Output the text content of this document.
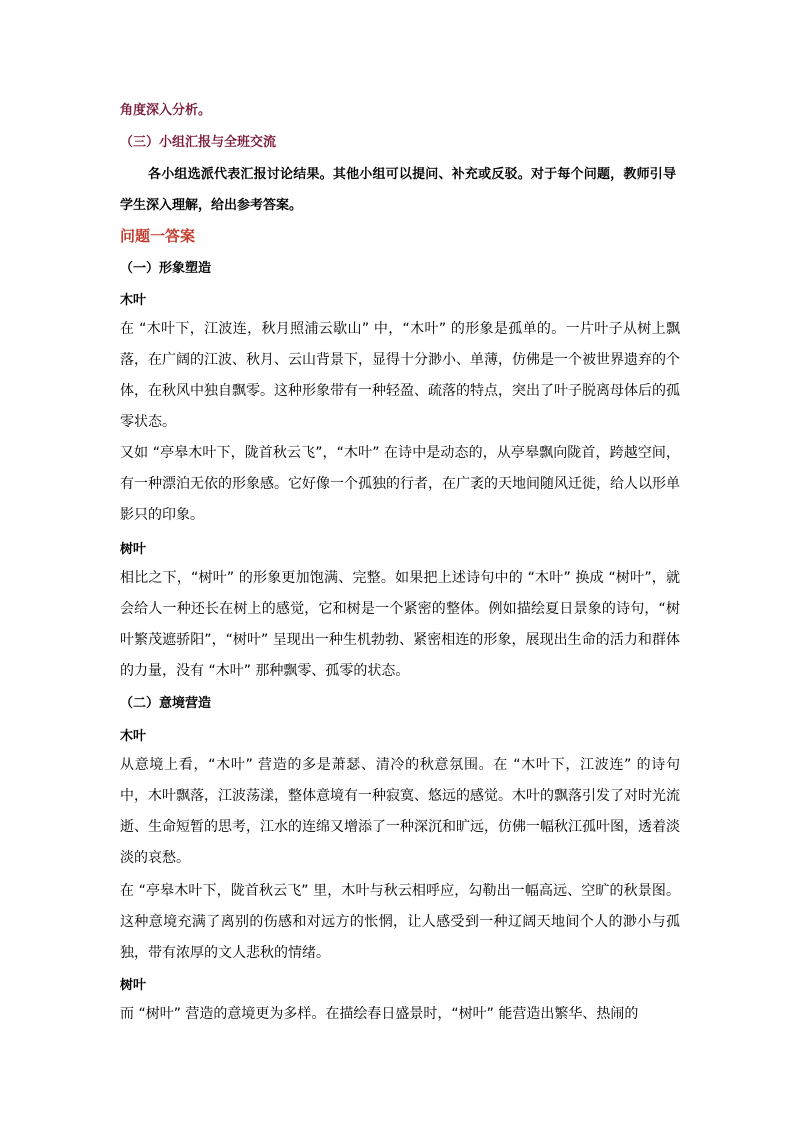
角度深入分析。

（三）小组汇报与全班交流

各小组选派代表汇报讨论结果。其他小组可以提问、补充或反驳。对于每个问题，教师引导学生深入理解，给出参考答案。

问题一答案

（一）形象塑造

木叶

在 “木叶下，江波连，秋月照浦云歇山” 中，“木叶” 的形象是孤单的。一片叶子从树上飘落，在广阔的江波、秋月、云山背景下，显得十分渺小、单薄，仿佛是一个被世界遗弃的个体，在秋风中独自飘零。这种形象带有一种轻盈、疏落的特点，突出了叶子脱离母体后的孤零状态。

又如 “亭皋木叶下，陇首秋云飞”，“木叶” 在诗中是动态的，从亭皋飘向陇首，跨越空间，有一种漂泊无依的形象感。它好像一个孤独的行者，在广袤的天地间随风迁徙，给人以形单影只的印象。

树叶

相比之下，“树叶” 的形象更加饱满、完整。如果把上述诗句中的 “木叶” 换成 “树叶”，就会给人一种还长在树上的感觉，它和树是一个紧密的整体。例如描绘夏日景象的诗句，“树叶繁茂遮骄阳”，“树叶” 呈现出一种生机勃勃、紧密相连的形象，展现出生命的活力和群体的力量，没有 “木叶” 那种飘零、孤零的状态。

（二）意境营造

木叶

从意境上看，“木叶” 营造的多是萧瑟、清冷的秋意氛围。在 “木叶下，江波连” 的诗句中，木叶飘落，江波荡漾，整体意境有一种寂寞、悠远的感觉。木叶的飘落引发了对时光流逝、生命短暂的思考，江水的连绵又增添了一种深沉和旷远，仿佛一幅秋江孤叶图，透着淡淡的哀愁。

在 “亭皋木叶下，陇首秋云飞” 里，木叶与秋云相呼应，勾勒出一幅高远、空旷的秋景图。这种意境充满了离别的伤感和对远方的怅惘，让人感受到一种辽阔天地间个人的渺小与孤独，带有浓厚的文人悲秋的情绪。

树叶

而 “树叶” 营造的意境更为多样。在描绘春日盛景时，“树叶” 能营造出繁华、热闹的
